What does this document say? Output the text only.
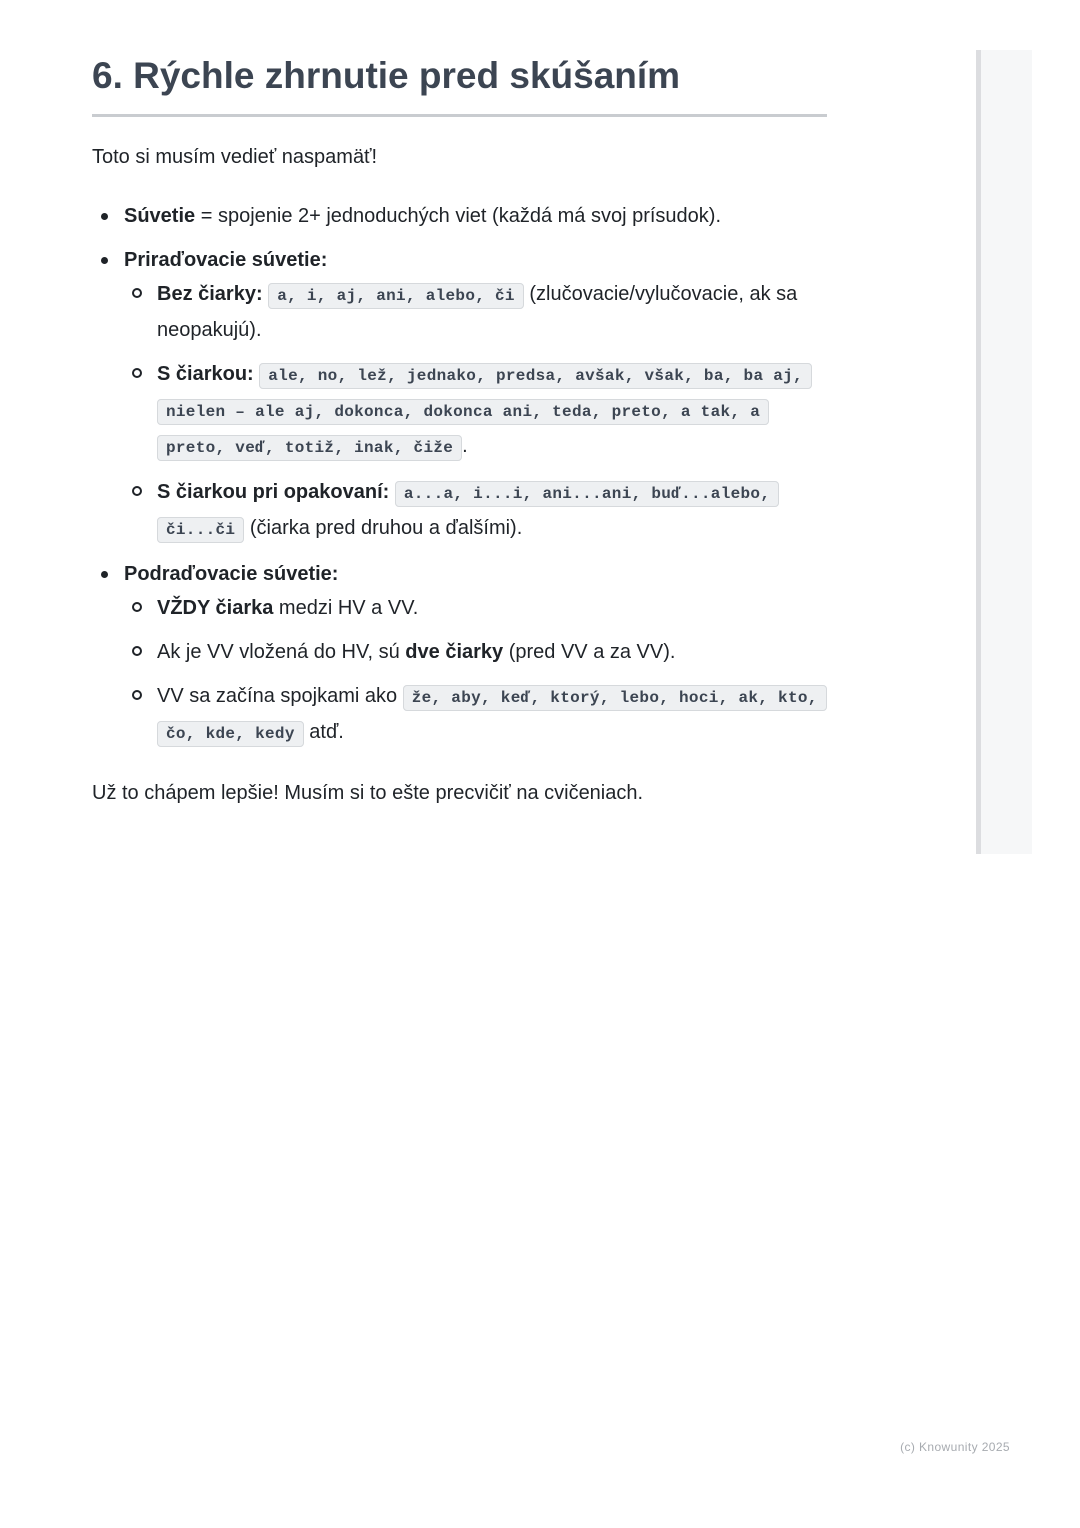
6. Rýchle zhrnutie pred skúšaním

Toto si musím vedieť naspamäť!

Súvetie = spojenie 2+ jednoduchých viet (každá má svoj prísudok).
Priraďovacie súvetie:
Bez čiarky: a, i, aj, ani, alebo, či (zlučovacie/vylučovacie, ak sa neopakujú).
S čiarkou: ale, no, lež, jednako, predsa, avšak, však, ba, ba aj, nielen – ale aj, dokonca, dokonca ani, teda, preto, a tak, a preto, veď, totiž, inak, čiže .
S čiarkou pri opakovaní: a...a, i...i, ani...ani, buď...alebo, či...či (čiarka pred druhou a ďalšími).
Podraďovacie súvetie:
VŽDY čiarka medzi HV a VV.
Ak je VV vložená do HV, sú dve čiarky (pred VV a za VV).
VV sa začína spojkami ako že, aby, keď, ktorý, lebo, hoci, ak, kto, čo, kde, kedy atď.

Už to chápem lepšie! Musím si to ešte precvičiť na cvičeniach.

(c) Knowunity 2025
